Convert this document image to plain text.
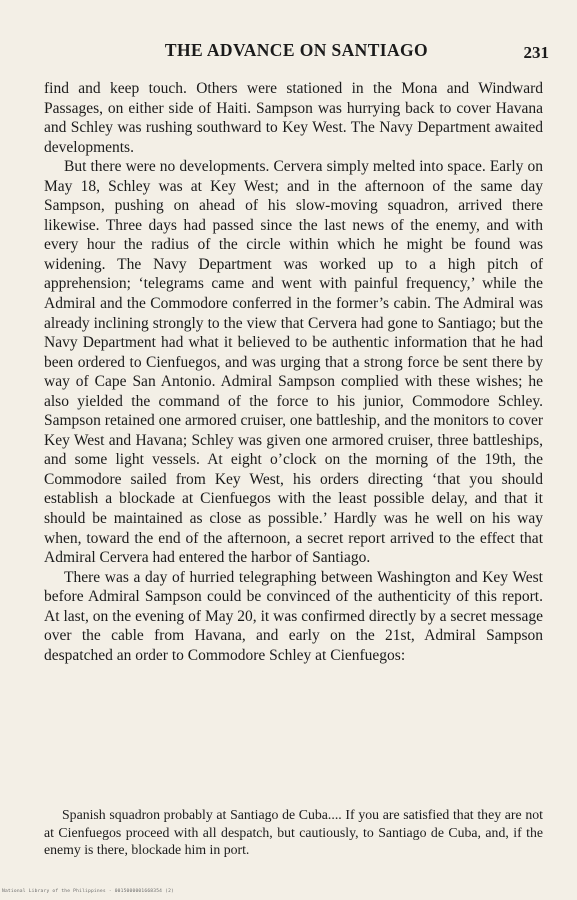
THE ADVANCE ON SANTIAGO	231

find and keep touch. Others were stationed in the Mona and Windward Passages, on either side of Haiti. Sampson was hurrying back to cover Havana and Schley was rushing southward to Key West. The Navy Department awaited developments.

But there were no developments. Cervera simply melted into space. Early on May 18, Schley was at Key West; and in the afternoon of the same day Sampson, pushing on ahead of his slow-moving squadron, arrived there likewise. Three days had passed since the last news of the enemy, and with every hour the radius of the circle within which he might be found was widening. The Navy Department was worked up to a high pitch of apprehension; ‘telegrams came and went with painful frequency,’ while the Admiral and the Commodore conferred in the former’s cabin. The Admiral was already inclining strongly to the view that Cervera had gone to Santiago; but the Navy Department had what it believed to be authentic information that he had been ordered to Cienfuegos, and was urging that a strong force be sent there by way of Cape San Antonio. Admiral Sampson complied with these wishes; he also yielded the command of the force to his junior, Commodore Schley. Sampson retained one armored cruiser, one battleship, and the monitors to cover Key West and Havana; Schley was given one armored cruiser, three battleships, and some light vessels. At eight o’clock on the morning of the 19th, the Commodore sailed from Key West, his orders directing ‘that you should establish a blockade at Cienfuegos with the least possible delay, and that it should be maintained as close as possible.’ Hardly was he well on his way when, toward the end of the afternoon, a secret report arrived to the effect that Admiral Cervera had entered the harbor of Santiago.

There was a day of hurried telegraphing between Washington and Key West before Admiral Sampson could be convinced of the authenticity of this report. At last, on the evening of May 20, it was confirmed directly by a secret message over the cable from Havana, and early on the 21st, Admiral Sampson despatched an order to Commodore Schley at Cienfuegos:

Spanish squadron probably at Santiago de Cuba.... If you are satisfied that they are not at Cienfuegos proceed with all despatch, but cautiously, to Santiago de Cuba, and, if the enemy is there, blockade him in port.

National Library of the Philippines · 0015000001668354 (2)
